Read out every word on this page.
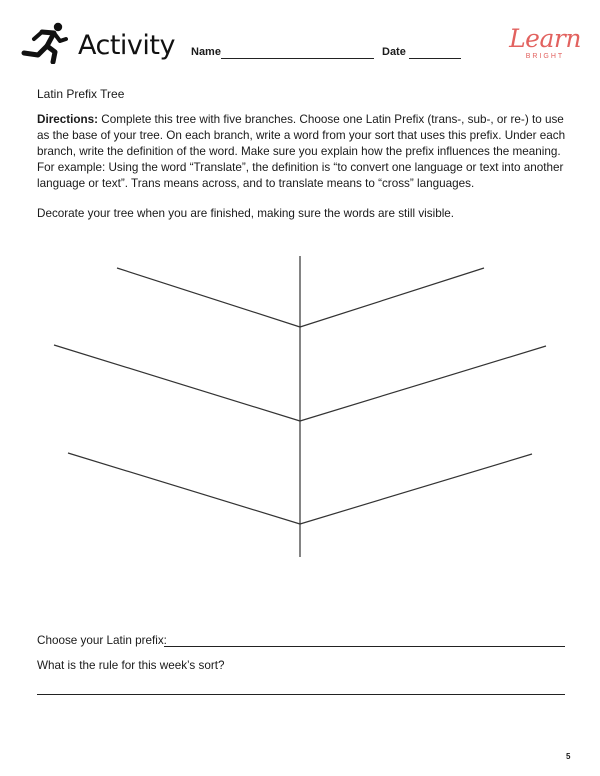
Activity Name	Date	Learn
BRIGHT
Latin Prefix Tree

Directions: Complete this tree with five branches. Choose one Latin Prefix (trans-, sub-, or re-) to use as the base of your tree. On each branch, write a word from your sort that uses this prefix. Under each branch, write the definition of the word. Make sure you explain how the prefix influences the meaning. For example: Using the word “Translate”, the definition is “to convert one language or text into another language or text”. Trans means across, and to translate means to “cross” languages.

Decorate your tree when you are finished, making sure the words are still visible.

Choose your Latin prefix:
What is the rule for this week’s sort?
5
